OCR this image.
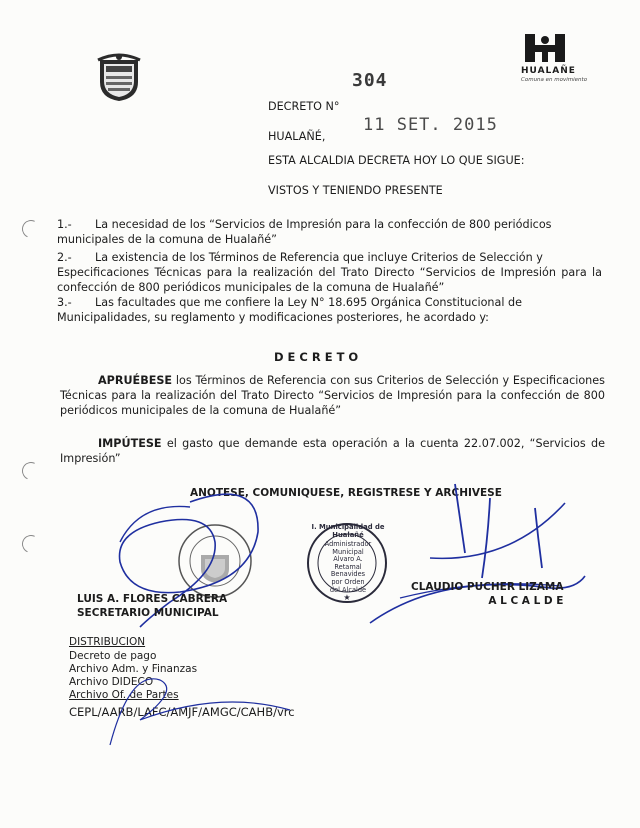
HUALAÑE
Comuna en movimiento
304
11 SET. 2015
DECRETO N°
HUALAÑÉ,
ESTA ALCALDIA DECRETA HOY LO QUE SIGUE:
VISTOS Y TENIENDO PRESENTE
1.-	La necesidad de los “Servicios de Impresión para la confección de 800 periódicos
municipales de la comuna de Hualañé”
2.-	La existencia de los Términos de Referencia que incluye Criterios de Selección y
Especificaciones Técnicas para la realización del Trato Directo “Servicios de Impresión para la confección de 800 periódicos municipales de la comuna de Hualañé”
3.-	Las facultades que me confiere la Ley N° 18.695 Orgánica Constitucional de
Municipalidades, su reglamento y modificaciones posteriores, he acordado y:
D E C R E T O
APRUÉBESE los Términos de Referencia con sus Criterios de Selección y Especificaciones Técnicas para la realización del Trato Directo “Servicios de Impresión para la confección de 800 periódicos municipales de la comuna de Hualañé”
IMPÚTESE el gasto que demande esta operación a la cuenta 22.07.002, “Servicios de Impresión”
ANOTESE, COMUNIQUESE, REGISTRESE Y ARCHIVESE
★
I. Municipalidad de Hualañé
Administrador
Municipal
Alvaro A. Retamal
Benavides
por Orden
del Alcalde
LUIS A. FLORES CABRERA
SECRETARIO MUNICIPAL
CLAUDIO PUCHER LIZAMA
A L C A L D E
DISTRIBUCION
Decreto de pago
Archivo Adm. y Finanzas
Archivo DIDECO
Archivo Of. de Partes
CEPL/AARB/LAFC/AMJF/AMGC/CAHB/vrc
